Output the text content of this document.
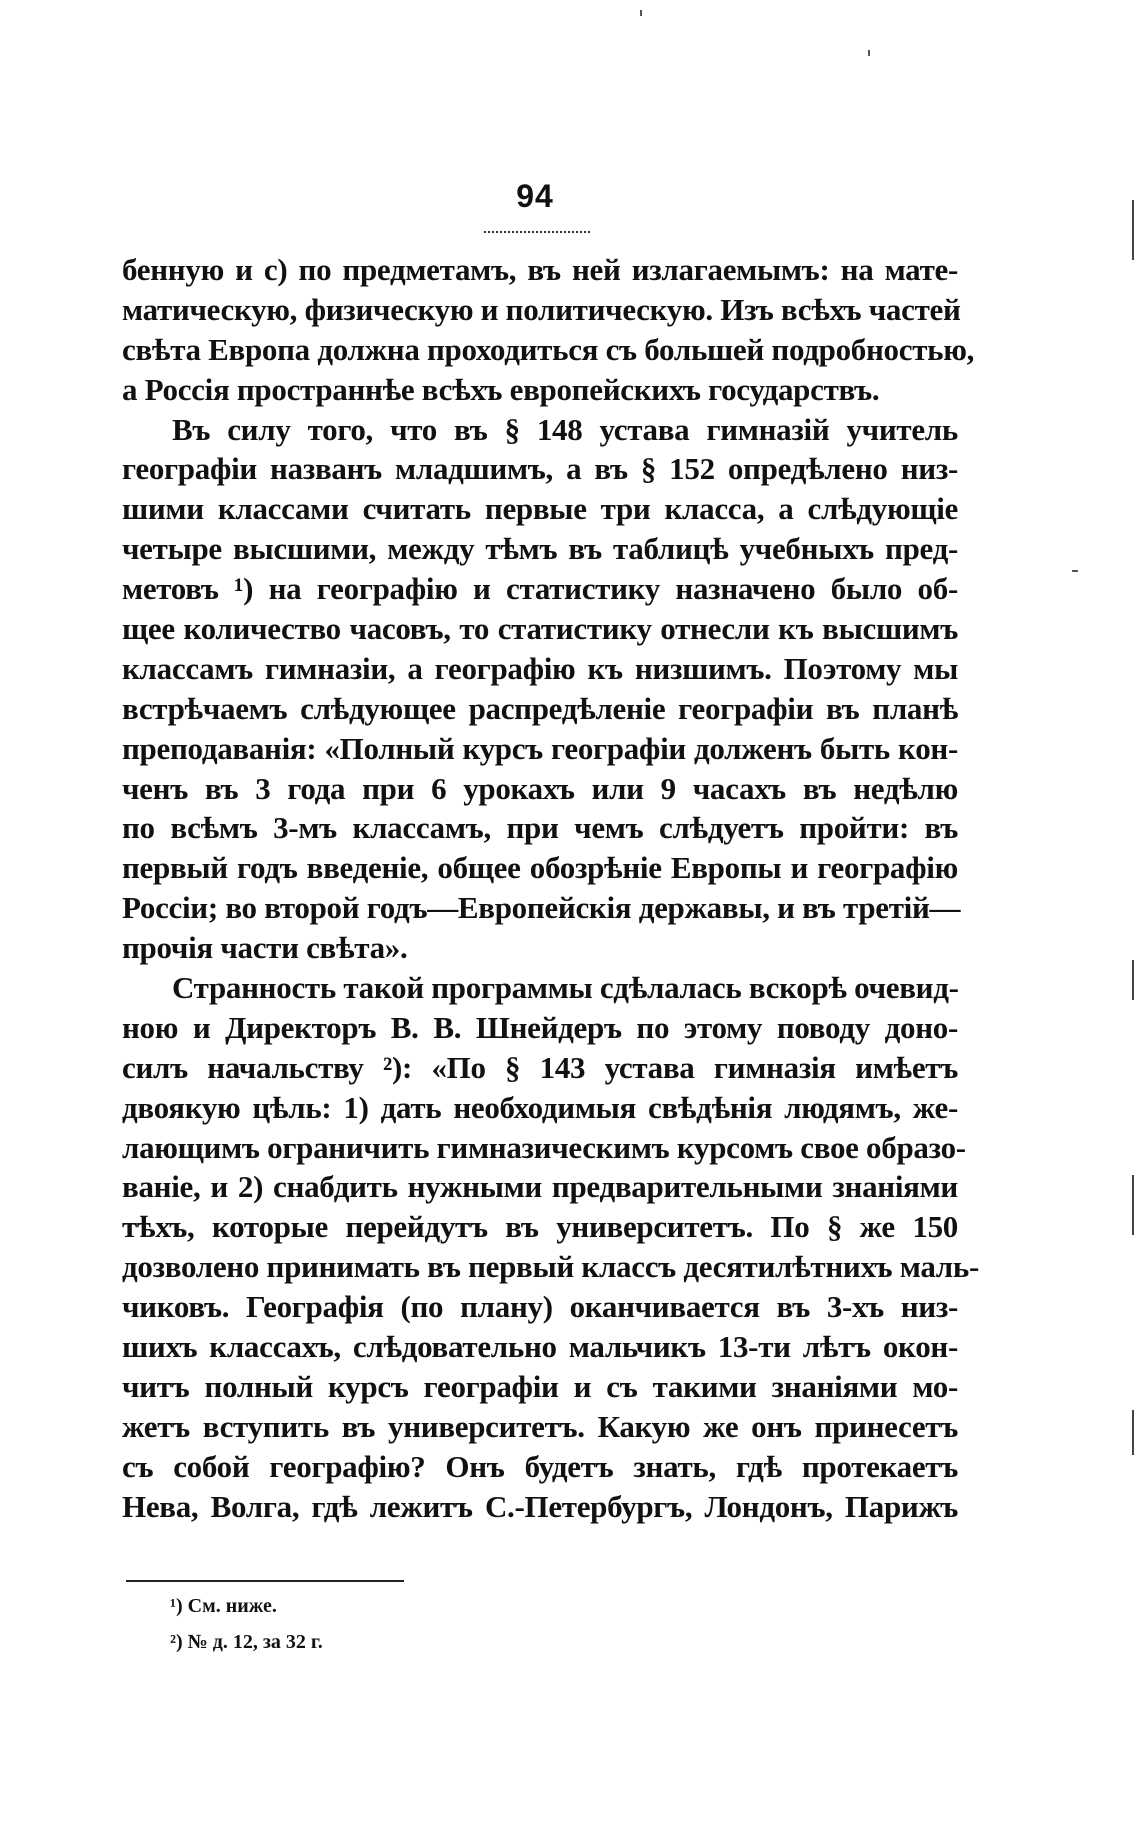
94
бенную и с) по предметамъ, въ ней излагаемымъ: на мате-
матическую, физическую и политическую. Изъ всѣхъ частей
свѣта Европа должна проходиться съ большей подробностью,
а Россія пространнѣе всѣхъ европейскихъ государствъ.
Въ силу того, что въ § 148 устава гимназій учитель
географіи названъ младшимъ, а въ § 152 опредѣлено низ-
шими классами считать первые три класса, а слѣдующіе
четыре высшими, между тѣмъ въ таблицѣ учебныхъ пред-
метовъ ¹) на географію и статистику назначено было об-
щее количество часовъ, то статистику отнесли къ высшимъ
классамъ гимназіи, а географію къ низшимъ. Поэтому мы
встрѣчаемъ слѣдующее распредѣленіе географіи въ планѣ
преподаванія: «Полный курсъ географіи долженъ быть кон-
ченъ въ 3 года при 6 урокахъ или 9 часахъ въ недѣлю
по всѣмъ 3-мъ классамъ, при чемъ слѣдуетъ пройти: въ
первый годъ введеніе, общее обозрѣніе Европы и географію
Россіи; во второй годъ—Европейскія державы, и въ третій—
прочія части свѣта».
Странность такой программы сдѣлалась вскорѣ очевид-
ною и Директоръ В. В. Шнейдеръ по этому поводу доно-
силъ начальству ²): «По § 143 устава гимназія имѣетъ
двоякую цѣль: 1) дать необходимыя свѣдѣнія людямъ, же-
лающимъ ограничить гимназическимъ курсомъ свое образо-
ваніе, и 2) снабдить нужными предварительными знаніями
тѣхъ, которые перейдутъ въ университетъ. По § же 150
дозволено принимать въ первый классъ десятилѣтнихъ маль-
чиковъ. Географія (по плану) оканчивается въ 3-хъ низ-
шихъ классахъ, слѣдовательно мальчикъ 13-ти лѣтъ окон-
читъ полный курсъ географіи и съ такими знаніями мо-
жетъ вступить въ университетъ. Какую же онъ принесетъ
съ собой географію? Онъ будетъ знать, гдѣ протекаетъ
Нева, Волга, гдѣ лежитъ С.-Петербургъ, Лондонъ, Парижъ
¹) См. ниже.
²) № д. 12, за 32 г.
